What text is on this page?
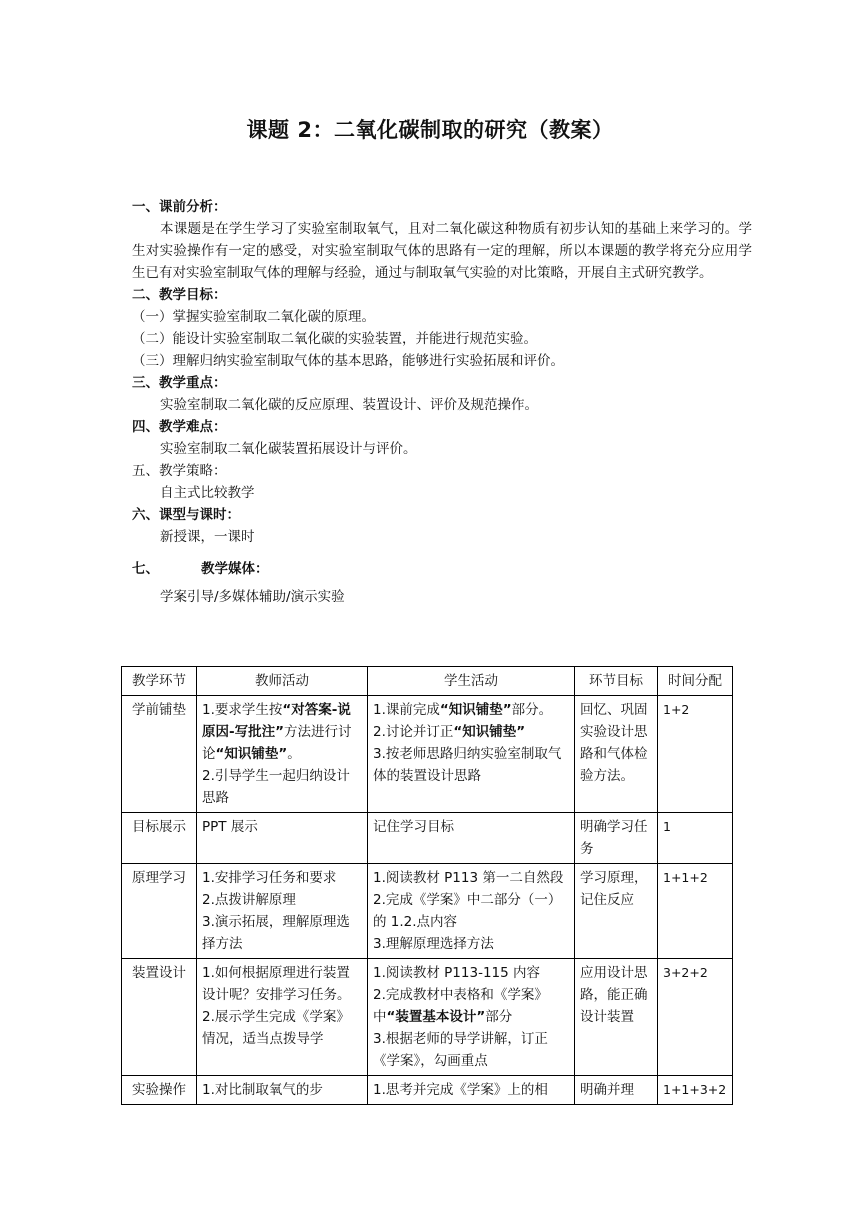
课题 2：二氧化碳制取的研究（教案）
一、课前分析：
本课题是在学生学习了实验室制取氧气，且对二氧化碳这种物质有初步认知的基础上来学习的。学生对实验操作有一定的感受，对实验室制取气体的思路有一定的理解，所以本课题的教学将充分应用学生已有对实验室制取气体的理解与经验，通过与制取氧气实验的对比策略，开展自主式研究教学。
二、教学目标：
（一）掌握实验室制取二氧化碳的原理。
（二）能设计实验室制取二氧化碳的实验装置，并能进行规范实验。
（三）理解归纳实验室制取气体的基本思路，能够进行实验拓展和评价。
三、教学重点：
实验室制取二氧化碳的反应原理、装置设计、评价及规范操作。
四、教学难点：
实验室制取二氧化碳装置拓展设计与评价。
五、教学策略：
自主式比较教学
六、课型与课时：
新授课，一课时
七、	教学媒体：
学案引导/多媒体辅助/演示实验
教学环节	教师活动	学生活动	环节目标	时间分配
学前铺垫	1.要求学生按“对答案-说原因-写批注”方法进行讨论“知识铺垫”。
2.引导学生一起归纳设计思路	1.课前完成“知识铺垫”部分。
2.讨论并订正“知识铺垫”
3.按老师思路归纳实验室制取气体的装置设计思路	回忆、巩固实验设计思路和气体检验方法。	1+2
目标展示	PPT 展示	记住学习目标	明确学习任务	1
原理学习	1.安排学习任务和要求
2.点拨讲解原理
3.演示拓展，理解原理选择方法	1.阅读教材 P113 第一二自然段
2.完成《学案》中二部分（一）的 1.2.点内容
3.理解原理选择方法	学习原理，记住反应	1+1+2
装置设计	1.如何根据原理进行装置设计呢？安排学习任务。
2.展示学生完成《学案》情况，适当点拨导学	1.阅读教材 P113-115 内容
2.完成教材中表格和《学案》中“装置基本设计”部分
3.根据老师的导学讲解，订正《学案》，勾画重点	应用设计思路，能正确设计装置	3+2+2
实验操作	1.对比制取氧气的步	1.思考并完成《学案》上的相	明确并理	1+1+3+2
